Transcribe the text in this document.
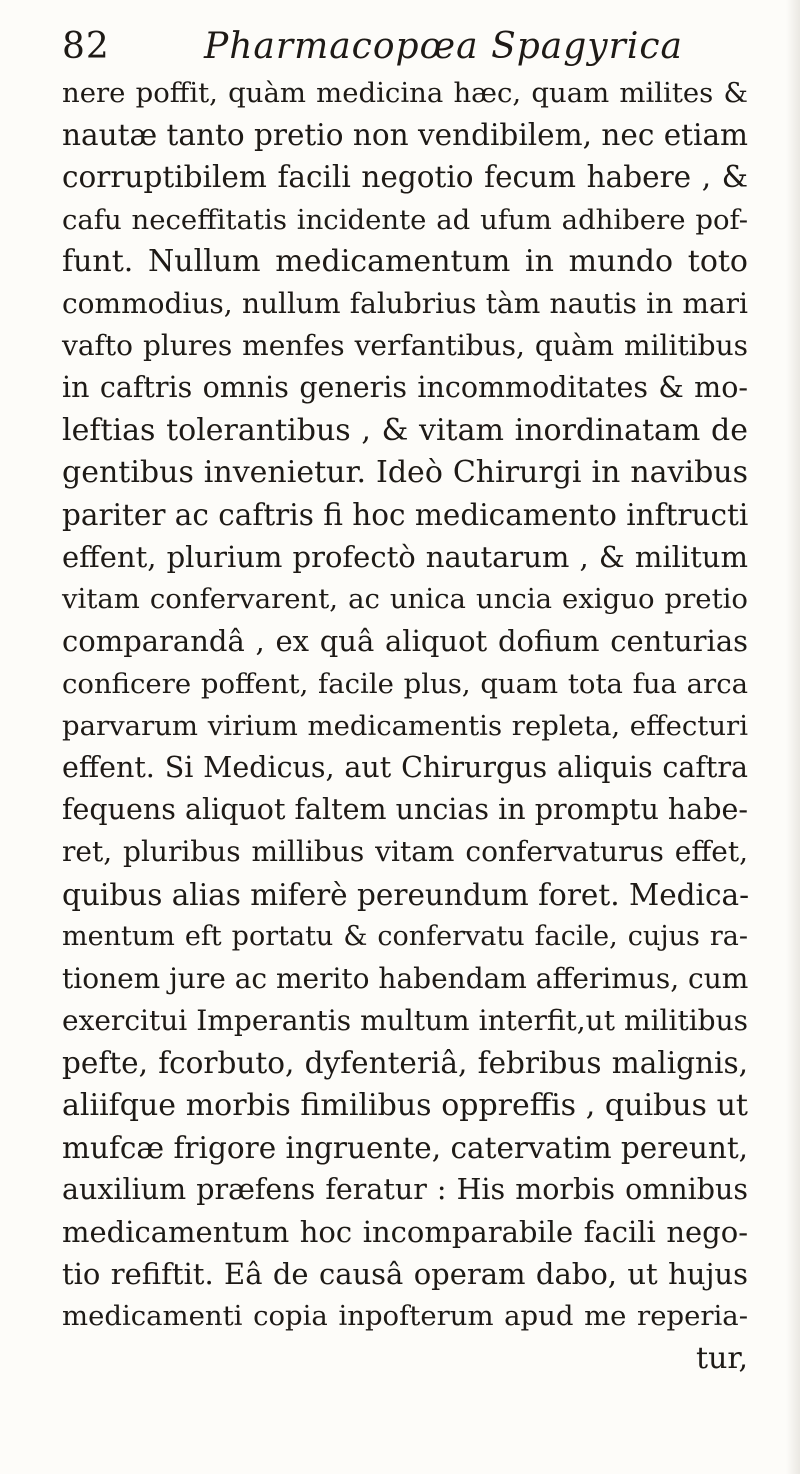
82	Pharmacopœa Spagyrica
nere poffit, quàm medicina hæc, quam milites &
nautæ tanto pretio non vendibilem, nec etiam
corruptibilem facili negotio fecum habere , &
cafu neceffitatis incidente ad ufum adhibere pof-
funt. Nullum medicamentum in mundo toto
commodius, nullum falubrius tàm nautis in mari
vafto plures menfes verfantibus, quàm militibus
in caftris omnis generis incommoditates & mo-
leftias tolerantibus , & vitam inordinatam de
gentibus invenietur. Ideò Chirurgi in navibus
pariter ac caftris fi hoc medicamento inftructi
effent, plurium profectò nautarum , & militum
vitam confervarent, ac unica uncia exiguo pretio
comparandâ , ex quâ aliquot dofium centurias
conficere poffent, facile plus, quam tota fua arca
parvarum virium medicamentis repleta, effecturi
effent. Si Medicus, aut Chirurgus aliquis caftra
fequens aliquot faltem uncias in promptu habe-
ret, pluribus millibus vitam confervaturus effet,
quibus alias miferè pereundum foret. Medica-
mentum eft portatu & confervatu facile, cujus ra-
tionem jure ac merito habendam afferimus, cum
exercitui Imperantis multum interfit,ut militibus
pefte, fcorbuto, dyfenteriâ, febribus malignis,
aliifque morbis fimilibus oppreffis , quibus ut
mufcæ frigore ingruente, catervatim pereunt,
auxilium præfens feratur : His morbis omnibus
medicamentum hoc incomparabile facili nego-
tio refiftit. Eâ de causâ operam dabo, ut hujus
medicamenti copia inpofterum apud me reperia-
tur,
